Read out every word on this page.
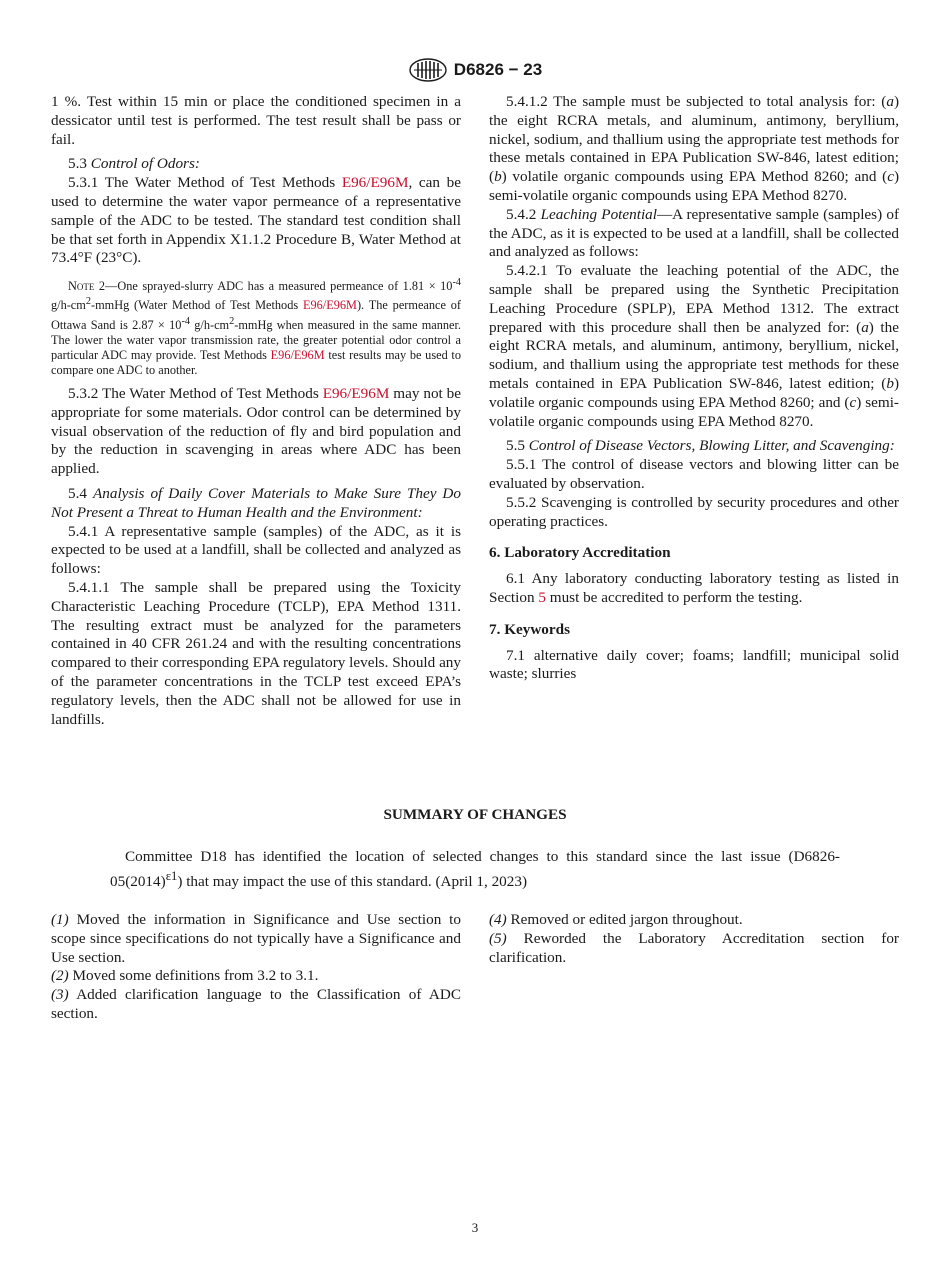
D6826 − 23

1 %. Test within 15 min or place the conditioned specimen in a dessicator until test is performed. The test result shall be pass or fail.

5.3 Control of Odors:

5.3.1 The Water Method of Test Methods E96/E96M, can be used to determine the water vapor permeance of a representative sample of the ADC to be tested. The standard test condition shall be that set forth in Appendix X1.1.2 Procedure B, Water Method at 73.4°F (23°C).

Note 2—One sprayed-slurry ADC has a measured permeance of $1.81 \times 10^{-4}$ $g/h-cm^2$-mmHg (Water Method of Test Methods E96/E96M). The permeance of Ottawa Sand is $2.87 \times 10^{-4}$ $g/h-cm^2$-mmHg when measured in the same manner. The lower the water vapor transmission rate, the greater potential odor control a particular ADC may provide. Test Methods E96/E96M test results may be used to compare one ADC to another.

5.3.2 The Water Method of Test Methods E96/E96M may not be appropriate for some materials. Odor control can be determined by visual observation of the reduction of fly and bird population and by the reduction in scavenging in areas where ADC has been applied.

5.4 Analysis of Daily Cover Materials to Make Sure They Do Not Present a Threat to Human Health and the Environment:

5.4.1 A representative sample (samples) of the ADC, as it is expected to be used at a landfill, shall be collected and analyzed as follows:

5.4.1.1 The sample shall be prepared using the Toxicity Characteristic Leaching Procedure (TCLP), EPA Method 1311. The resulting extract must be analyzed for the parameters contained in 40 CFR 261.24 and with the resulting concentrations compared to their corresponding EPA regulatory levels. Should any of the parameter concentrations in the TCLP test exceed EPA’s regulatory levels, then the ADC shall not be allowed for use in landfills.

5.4.1.2 The sample must be subjected to total analysis for: (a) the eight RCRA metals, and aluminum, antimony, beryllium, nickel, sodium, and thallium using the appropriate test methods for these metals contained in EPA Publication SW-846, latest edition; (b) volatile organic compounds using EPA Method 8260; and (c) semi-volatile organic compounds using EPA Method 8270.

5.4.2 Leaching Potential—A representative sample (samples) of the ADC, as it is expected to be used at a landfill, shall be collected and analyzed as follows:

5.4.2.1 To evaluate the leaching potential of the ADC, the sample shall be prepared using the Synthetic Precipitation Leaching Procedure (SPLP), EPA Method 1312. The extract prepared with this procedure shall then be analyzed for: (a) the eight RCRA metals, and aluminum, antimony, beryllium, nickel, sodium, and thallium using the appropriate test methods for these metals contained in EPA Publication SW-846, latest edition; (b) volatile organic compounds using EPA Method 8260; and (c) semi-volatile organic compounds using EPA Method 8270.

5.5 Control of Disease Vectors, Blowing Litter, and Scavenging:

5.5.1 The control of disease vectors and blowing litter can be evaluated by observation.

5.5.2 Scavenging is controlled by security procedures and other operating practices.

6. Laboratory Accreditation

6.1 Any laboratory conducting laboratory testing as listed in Section 5 must be accredited to perform the testing.

7. Keywords

7.1 alternative daily cover; foams; landfill; municipal solid waste; slurries

SUMMARY OF CHANGES

Committee D18 has identified the location of selected changes to this standard since the last issue $(D6826-05(2014)^{\varepsilon 1})$ that may impact the use of this standard. (April 1, 2023)

(1) Moved the information in Significance and Use section to scope since specifications do not typically have a Significance and Use section.

(2) Moved some definitions from 3.2 to 3.1.

(3) Added clarification language to the Classification of ADC section.

(4) Removed or edited jargon throughout.

(5) Reworded the Laboratory Accreditation section for clarification.

3
